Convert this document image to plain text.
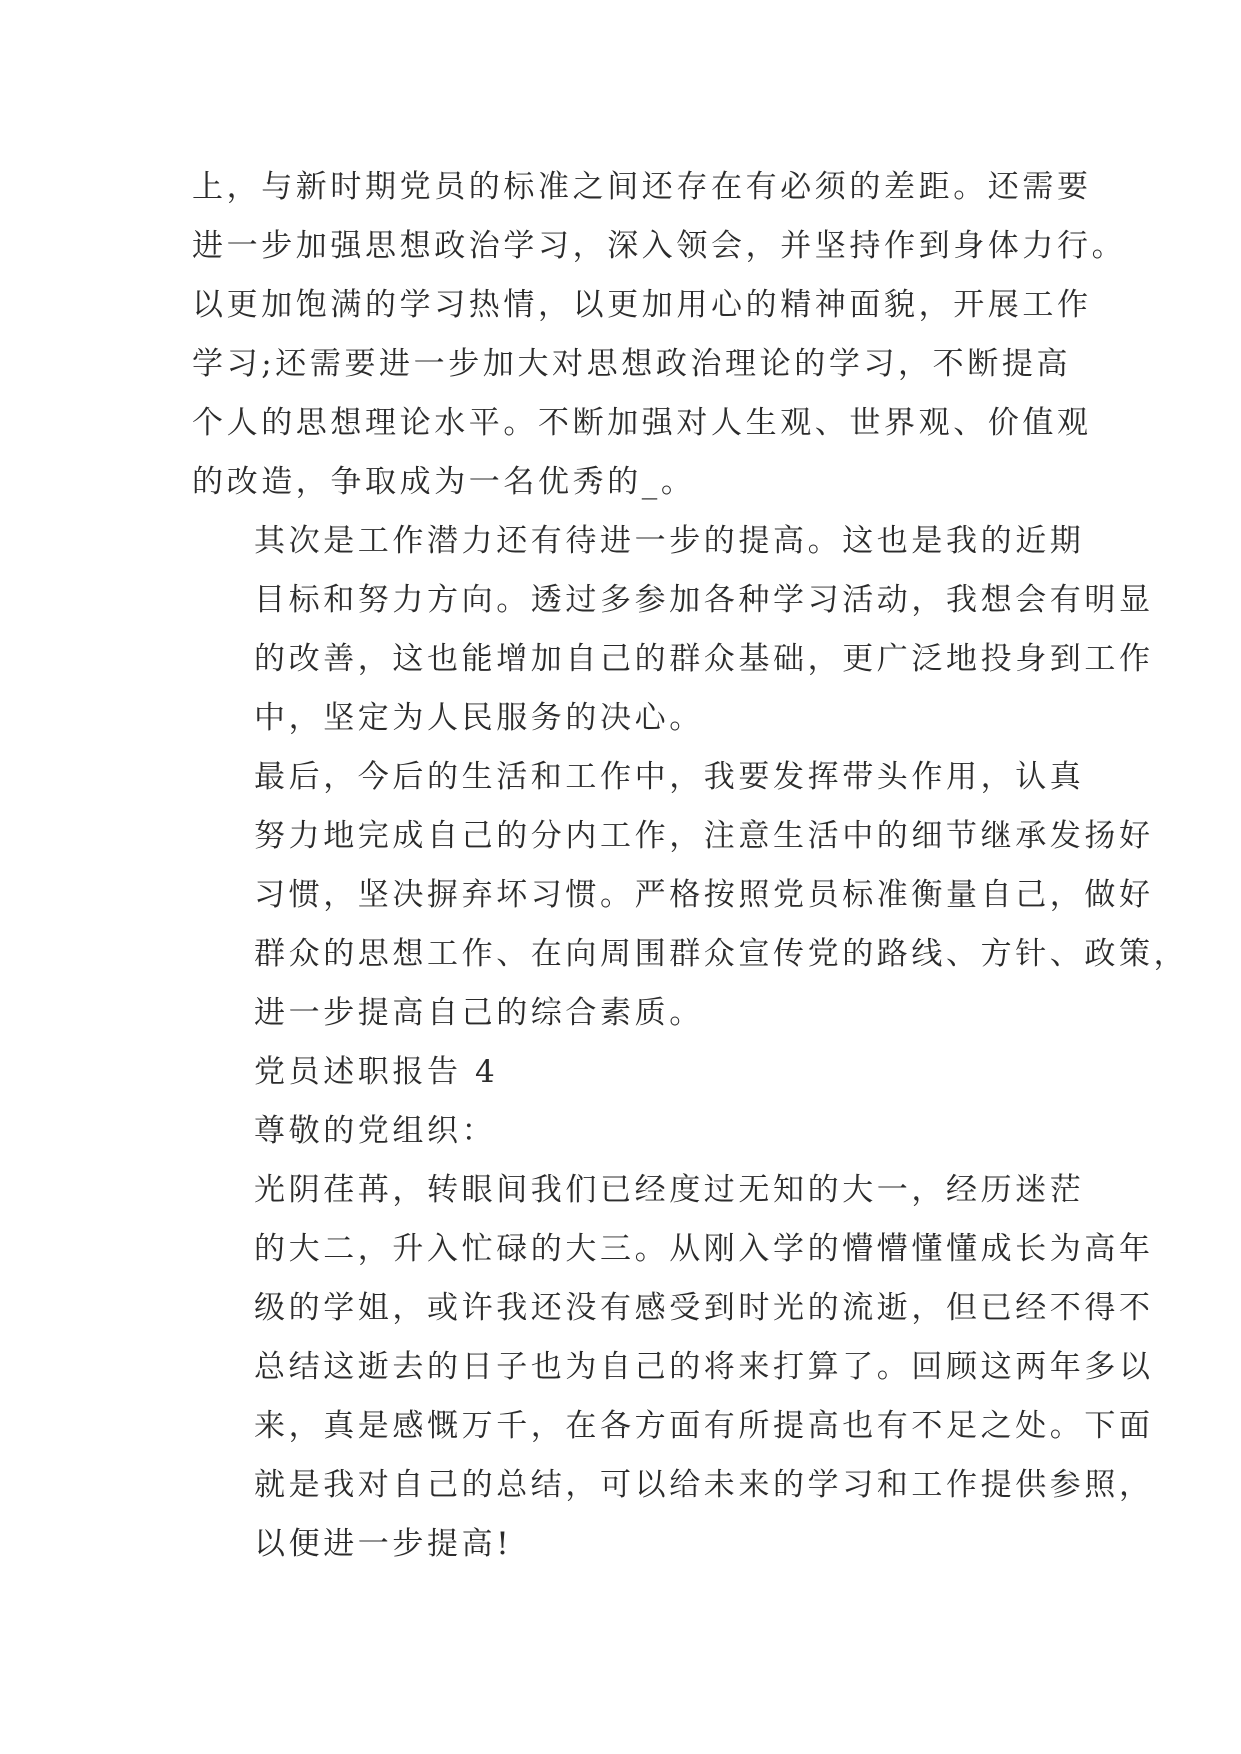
上，与新时期党员的标准之间还存在有必须的差距。还需要
进一步加强思想政治学习，深入领会，并坚持作到身体力行。
以更加饱满的学习热情，以更加用心的精神面貌，开展工作
学习;还需要进一步加大对思想政治理论的学习，不断提高
个人的思想理论水平。不断加强对人生观、世界观、价值观
的改造，争取成为一名优秀的_。
其次是工作潜力还有待进一步的提高。这也是我的近期
目标和努力方向。透过多参加各种学习活动，我想会有明显
的改善，这也能增加自己的群众基础，更广泛地投身到工作
中，坚定为人民服务的决心。
最后，今后的生活和工作中，我要发挥带头作用，认真
努力地完成自己的分内工作，注意生活中的细节继承发扬好
习惯，坚决摒弃坏习惯。严格按照党员标准衡量自己，做好
群众的思想工作、在向周围群众宣传党的路线、方针、政策，
进一步提高自己的综合素质。
党员述职报告 4
尊敬的党组织：
光阴荏苒，转眼间我们已经度过无知的大一，经历迷茫
的大二，升入忙碌的大三。从刚入学的懵懵懂懂成长为高年
级的学姐，或许我还没有感受到时光的流逝，但已经不得不
总结这逝去的日子也为自己的将来打算了。回顾这两年多以
来，真是感慨万千，在各方面有所提高也有不足之处。下面
就是我对自己的总结，可以给未来的学习和工作提供参照，
以便进一步提高!
